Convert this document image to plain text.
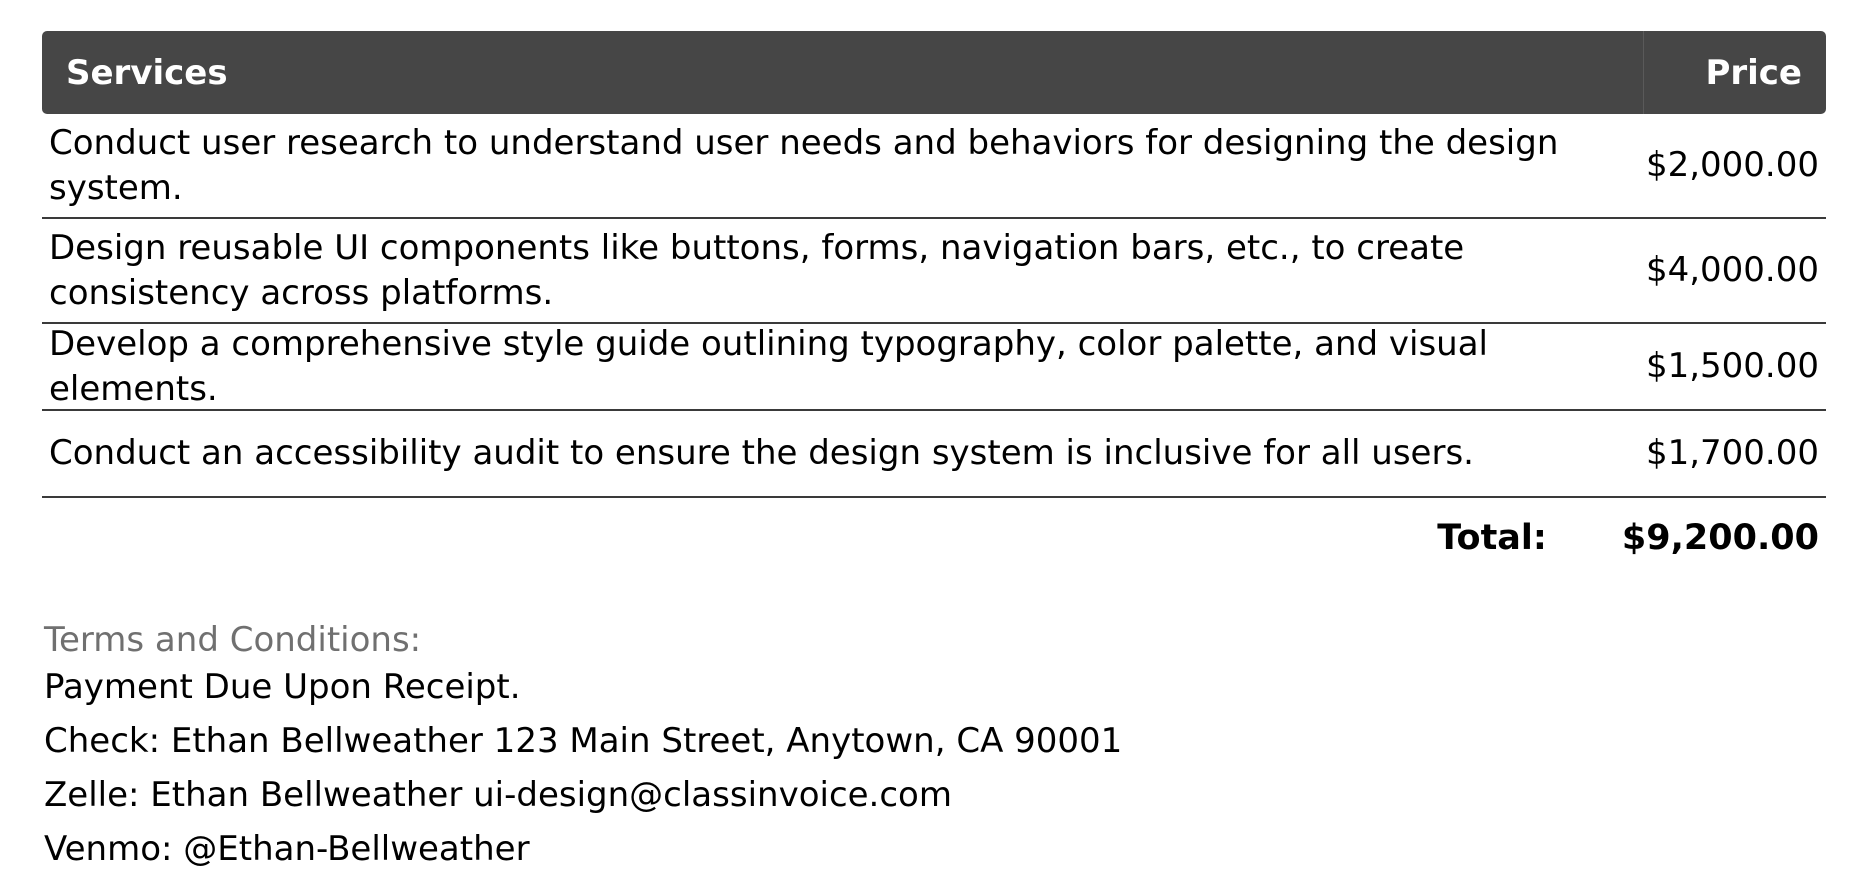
Services	Price
Conduct user research to understand user needs and behaviors for designing the design system.
$2,000.00
Design reusable UI components like buttons, forms, navigation bars, etc., to create consistency across platforms.
$4,000.00
Develop a comprehensive style guide outlining typography, color palette, and visual elements.
$1,500.00
Conduct an accessibility audit to ensure the design system is inclusive for all users.	$1,700.00
Total: $9,200.00
Terms and Conditions:
Payment Due Upon Receipt.
Check: Ethan Bellweather 123 Main Street, Anytown, CA 90001
Zelle: Ethan Bellweather ui-design@classinvoice.com
Venmo: @Ethan-Bellweather
